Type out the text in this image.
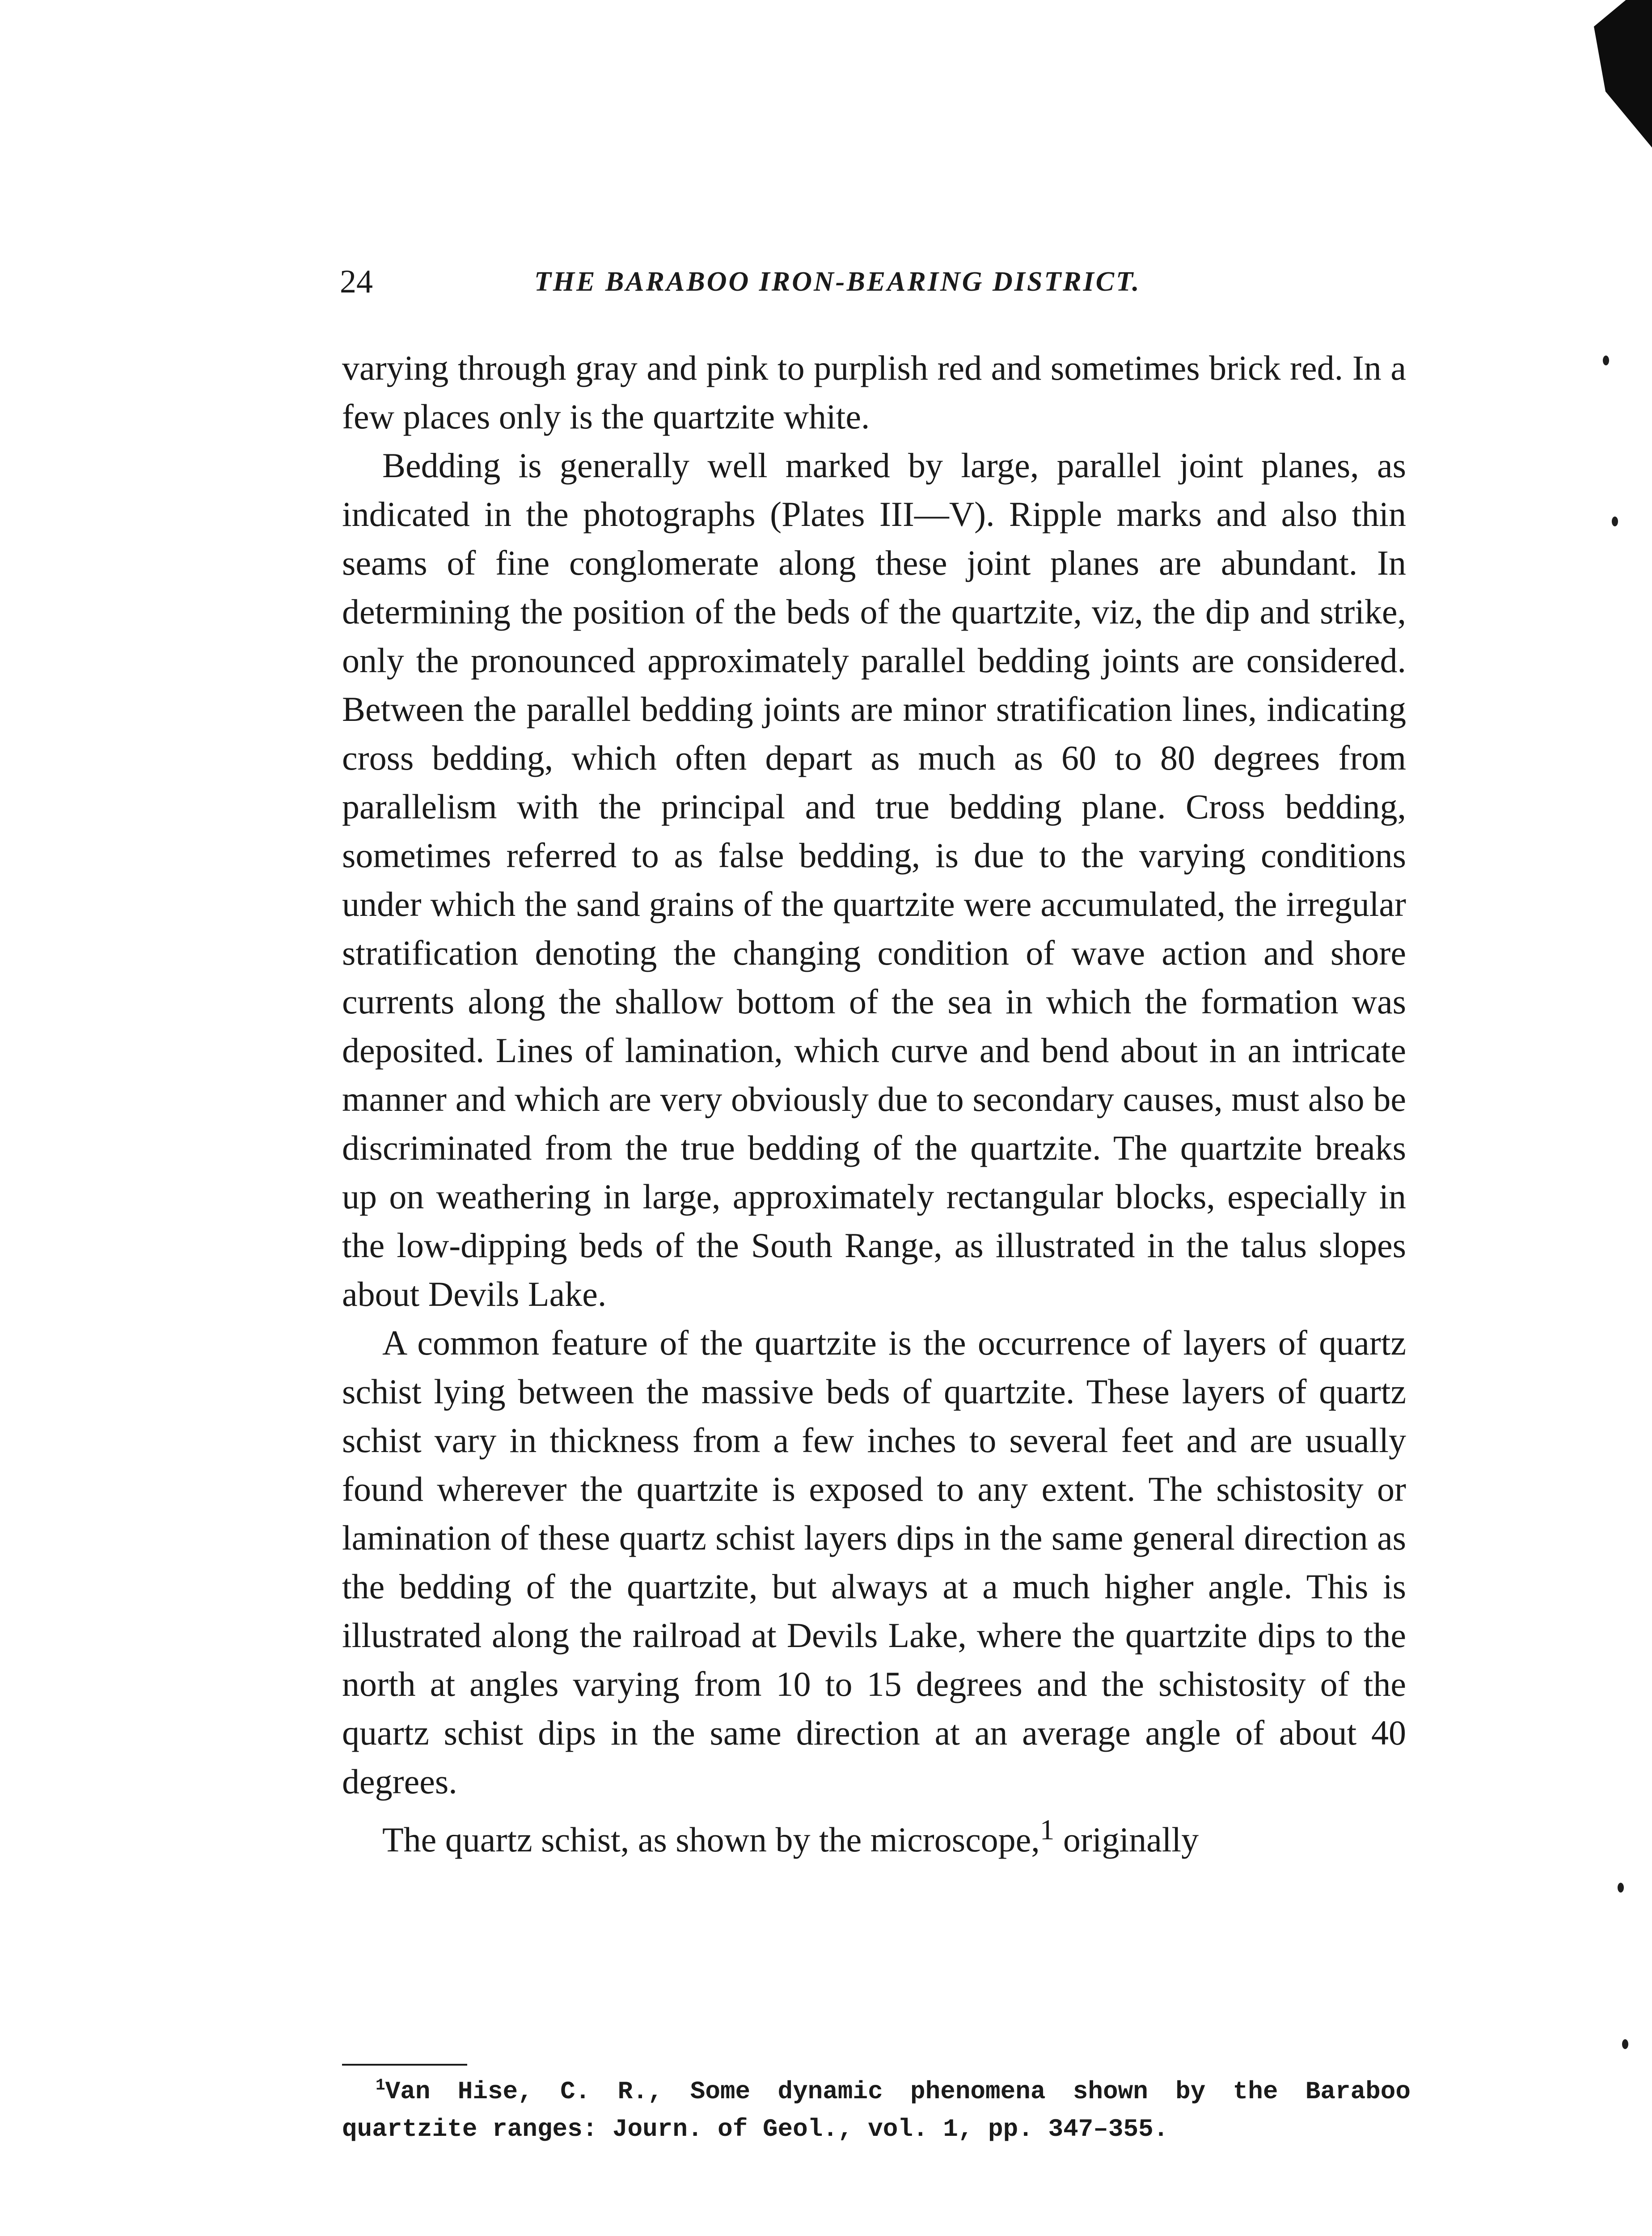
24	THE BARABOO IRON-BEARING DISTRICT.

varying through gray and pink to purplish red and sometimes brick red. In a few places only is the quartzite white.

Bedding is generally well marked by large, parallel joint planes, as indicated in the photographs (Plates III—V). Ripple marks and also thin seams of fine conglomerate along these joint planes are abundant. In determining the position of the beds of the quartzite, viz, the dip and strike, only the pronounced approximately parallel bedding joints are considered. Between the parallel bedding joints are minor stratification lines, indicating cross bedding, which often depart as much as 60 to 80 degrees from parallelism with the principal and true bedding plane. Cross bedding, sometimes referred to as false bedding, is due to the varying conditions under which the sand grains of the quartzite were accumulated, the irregular stratification denoting the changing condition of wave action and shore currents along the shallow bottom of the sea in which the formation was deposited. Lines of lamination, which curve and bend about in an intricate manner and which are very obviously due to secondary causes, must also be discriminated from the true bedding of the quartzite. The quartzite breaks up on weathering in large, approximately rectangular blocks, especially in the low-dipping beds of the South Range, as illustrated in the talus slopes about Devils Lake.

A common feature of the quartzite is the occurrence of layers of quartz schist lying between the massive beds of quartzite. These layers of quartz schist vary in thickness from a few inches to several feet and are usually found wherever the quartzite is exposed to any extent. The schistosity or lamination of these quartz schist layers dips in the same general direction as the bedding of the quartzite, but always at a much higher angle. This is illustrated along the railroad at Devils Lake, where the quartzite dips to the north at angles varying from 10 to 15 degrees and the schistosity of the quartz schist dips in the same direction at an average angle of about 40 degrees.

The quartz schist, as shown by the microscope,$^1$ originally

$^1$Van Hise, C. R., Some dynamic phenomena shown by the Baraboo quartzite ranges: Journ. of Geol., vol. 1, pp. 347–355.
